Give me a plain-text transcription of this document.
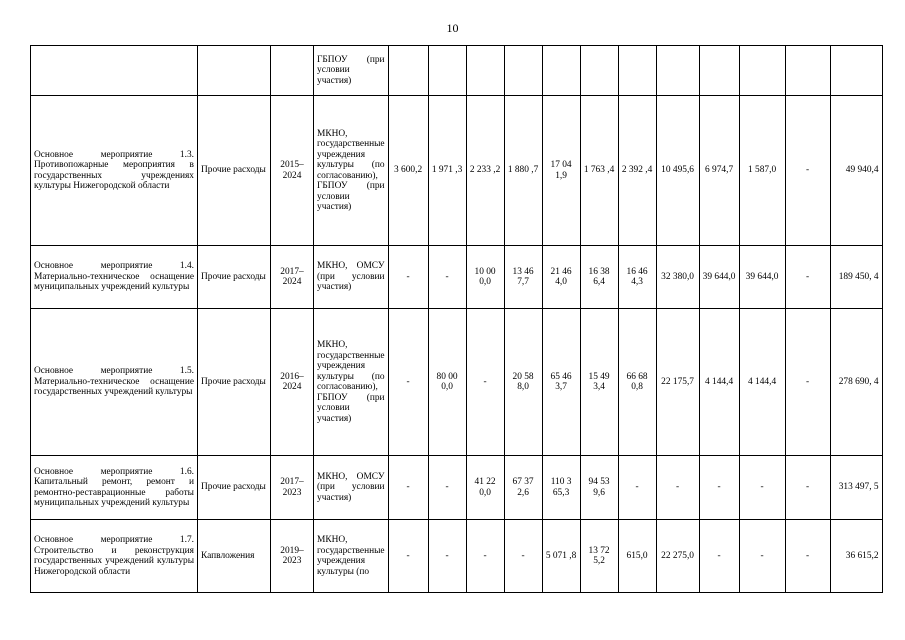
10
			ГБПОУ (при условии участия)												
Основное мероприятие 1.3. Противопожарные мероприятия в государственных учреждениях культуры Нижегородской области	Прочие расходы	2015–2024	МКНО, государственные учреждения культуры (по согласованию), ГБПОУ (при условии участия)	3 600,2	1 971 ,3	2 233 ,2	1 880 ,7	17 04 1,9	1 763 ,4	2 392 ,4	10 495,6	6 974,7	1 587,0	-	49 940,4
Основное мероприятие 1.4. Материально-техническое оснащение муниципальных учреждений культуры	Прочие расходы	2017–2024	МКНО, ОМСУ (при условии участия)	-	-	10 00 0,0	13 46 7,7	21 46 4,0	16 38 6,4	16 46 4,3	32 380,0	39 644,0	39 644,0	-	189 450, 4
Основное мероприятие 1.5. Материально-техническое оснащение государственных учреждений культуры	Прочие расходы	2016–2024	МКНО, государственные учреждения культуры (по согласованию), ГБПОУ (при условии участия)	-	80 00 0,0	-	20 58 8,0	65 46 3,7	15 49 3,4	66 68 0,8	22 175,7	4 144,4	4 144,4	-	278 690, 4
Основное мероприятие 1.6. Капитальный ремонт, ремонт и ремонтно-реставрационные работы муниципальных учреждений культуры	Прочие расходы	2017–2023	МКНО, ОМСУ (при условии участия)	-	-	41 22 0,0	67 37 2,6	110 3 65,3	94 53 9,6	-	-	-	-	-	313 497, 5
Основное мероприятие 1.7. Строительство и реконструкция государственных учреждений культуры Нижегородской области	Капвложения	2019–2023	МКНО, государственные учреждения культуры (по	-	-	-	-	5 071 ,8	13 72 5,2	615,0	22 275,0	-	-	-	36 615,2
